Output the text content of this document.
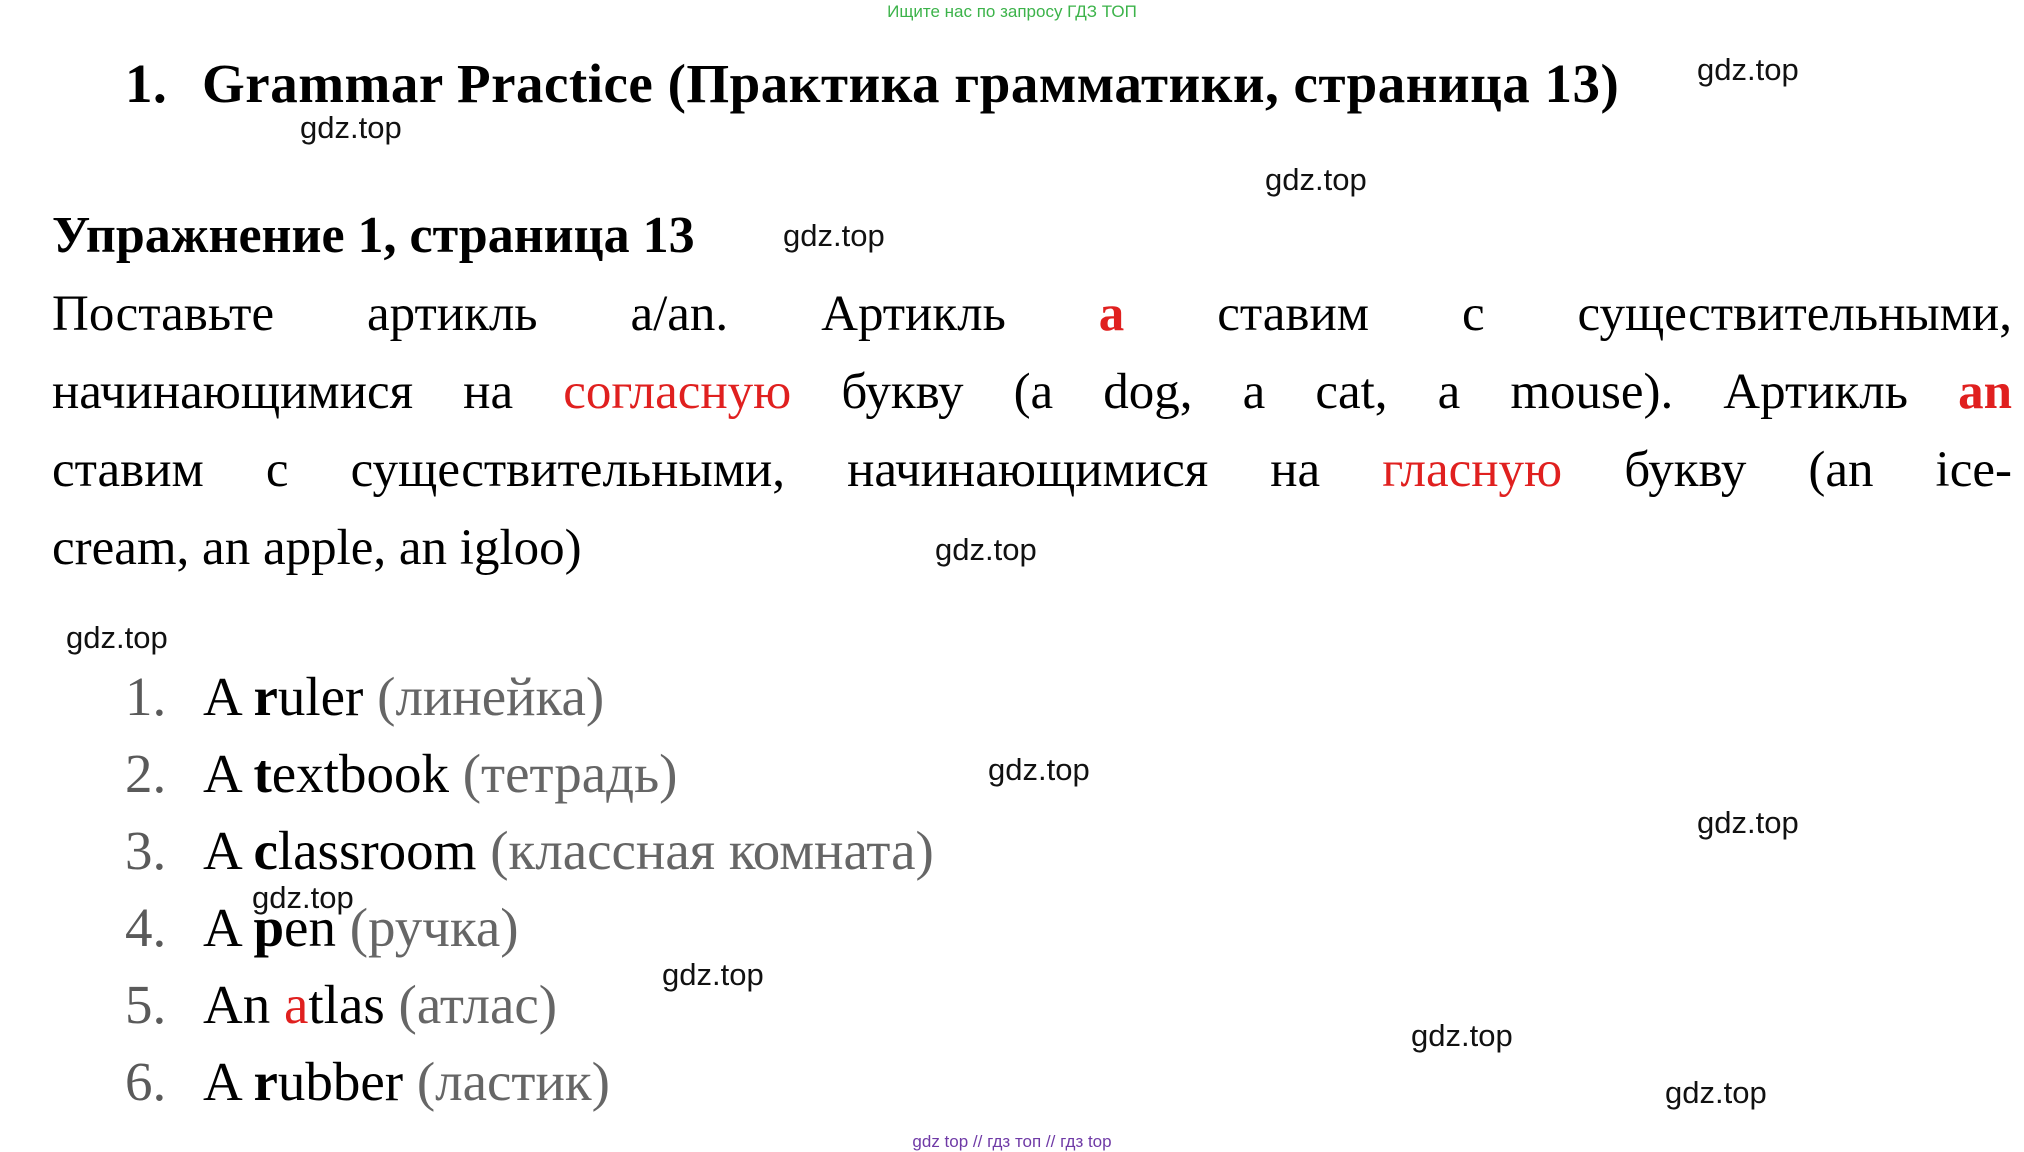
Ищите нас по запросу ГДЗ ТОП
1. Grammar Practice (Практика грамматики, страница 13)
Упражнение 1, страница 13
Поставьте артикль a/an. Артикль a ставим с существительными,
начинающимися на согласную букву (a dog, a cat, a mouse). Артикль an
ставим с существительными, начинающимися на гласную букву (an ice-
cream, an apple, an igloo)
1. A ruler (линейка)
2. A textbook (тетрадь)
3. A classroom (классная комната)
4. A pen (ручка)
5. An atlas (атлас)
6. A rubber (ластик)
gdz.top
gdz.top
gdz.top
gdz.top
gdz.top
gdz.top
gdz.top
gdz.top
gdz.top
gdz.top
gdz.top
gdz.top
gdz top // гдз топ // гдз top
